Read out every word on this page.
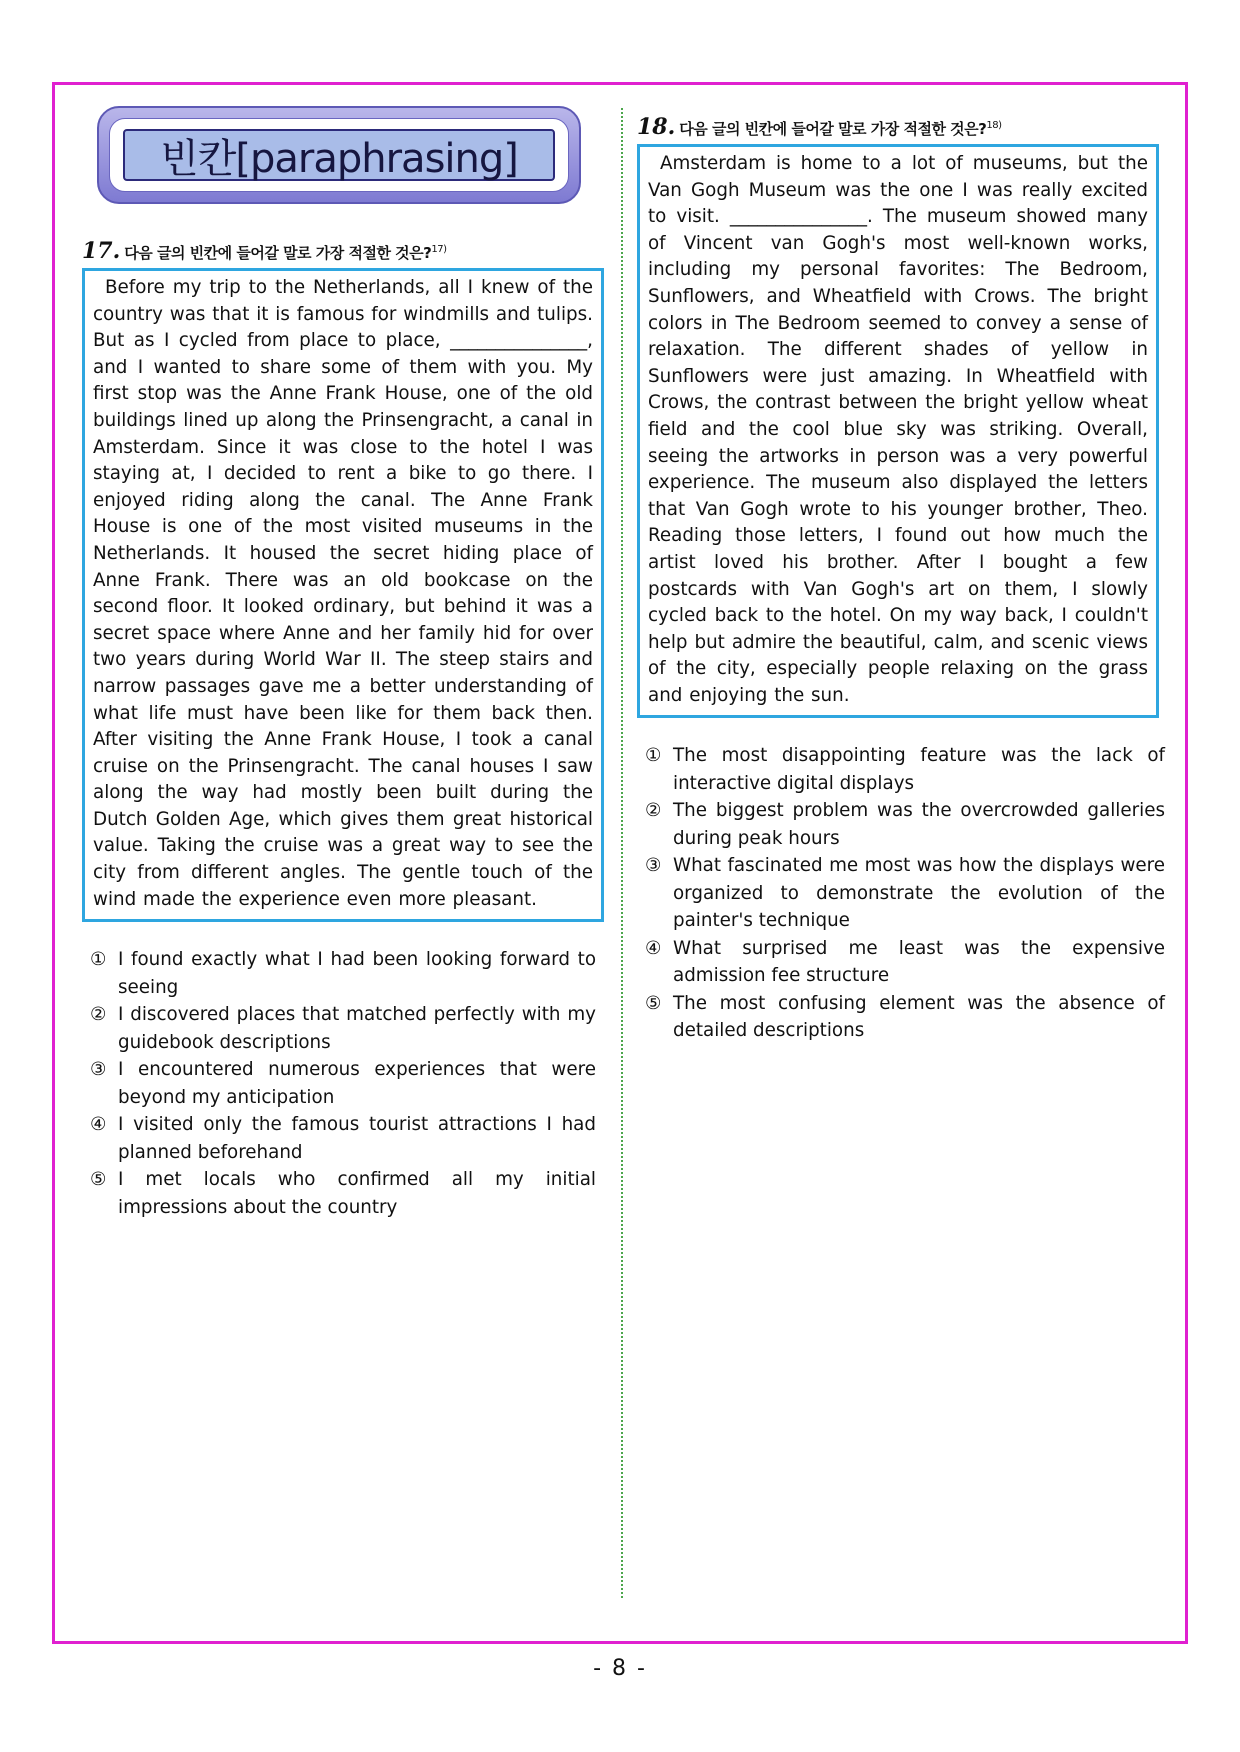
빈칸[paraphrasing]
17. 다음 글의 빈칸에 들어갈 말로 가장 적절한 것은?$^{17)}$
Before my trip to the Netherlands, all I knew of the country was that it is famous for windmills and tulips. But as I cycled from place to place, _______________, and I wanted to share some of them with you. My first stop was the Anne Frank House, one of the old buildings lined up along the Prinsengracht, a canal in Amsterdam. Since it was close to the hotel I was staying at, I decided to rent a bike to go there. I enjoyed riding along the canal. The Anne Frank House is one of the most visited museums in the Netherlands. It housed the secret hiding place of Anne Frank. There was an old bookcase on the second floor. It looked ordinary, but behind it was a secret space where Anne and her family hid for over two years during World War II. The steep stairs and narrow passages gave me a better understanding of what life must have been like for them back then. After visiting the Anne Frank House, I took a canal cruise on the Prinsengracht. The canal houses I saw along the way had mostly been built during the Dutch Golden Age, which gives them great historical value. Taking the cruise was a great way to see the city from different angles. The gentle touch of the wind made the experience even more pleasant.
① I found exactly what I had been looking forward to seeing
② I discovered places that matched perfectly with my guidebook descriptions
③ I encountered numerous experiences that were beyond my anticipation
④ I visited only the famous tourist attractions I had planned beforehand
⑤ I met locals who confirmed all my initial impressions about the country
18. 다음 글의 빈칸에 들어갈 말로 가장 적절한 것은?$^{18)}$
Amsterdam is home to a lot of museums, but the Van Gogh Museum was the one I was really excited to visit. _______________. The museum showed many of Vincent van Gogh's most well-known works, including my personal favorites: The Bedroom, Sunflowers, and Wheatfield with Crows. The bright colors in The Bedroom seemed to convey a sense of relaxation. The different shades of yellow in Sunflowers were just amazing. In Wheatfield with Crows, the contrast between the bright yellow wheat field and the cool blue sky was striking. Overall, seeing the artworks in person was a very powerful experience. The museum also displayed the letters that Van Gogh wrote to his younger brother, Theo. Reading those letters, I found out how much the artist loved his brother. After I bought a few postcards with Van Gogh's art on them, I slowly cycled back to the hotel. On my way back, I couldn't help but admire the beautiful, calm, and scenic views of the city, especially people relaxing on the grass and enjoying the sun.
① The most disappointing feature was the lack of interactive digital displays
② The biggest problem was the overcrowded galleries during peak hours
③ What fascinated me most was how the displays were organized to demonstrate the evolution of the painter's technique
④ What surprised me least was the expensive admission fee structure
⑤ The most confusing element was the absence of detailed descriptions
- 8 -
